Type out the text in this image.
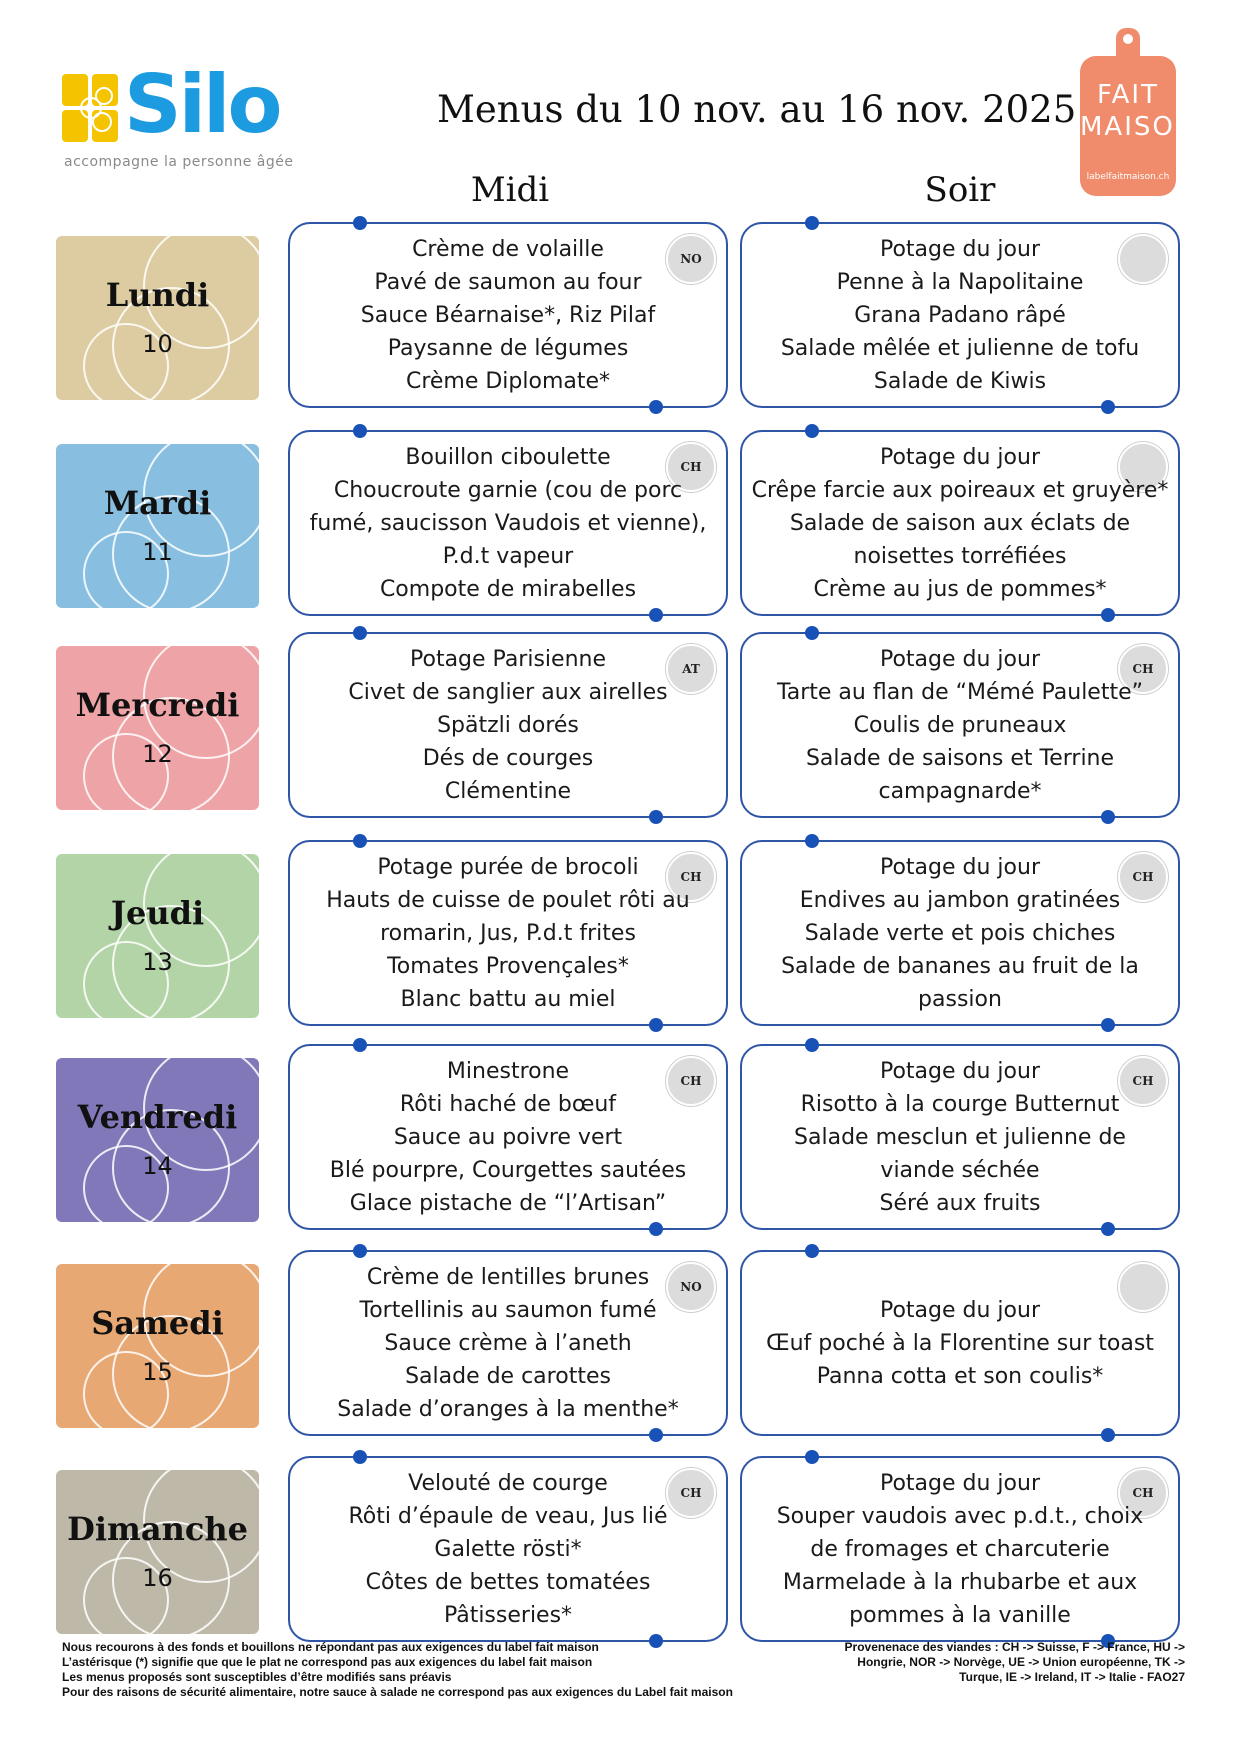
Silo
accompagne la personne âgée
Menus du 10 nov. au 16 nov. 2025 FAIT
MAISON
labelfaitmaison.ch
Midi	Soir
Lundi
10
NO
Crème de volaille
Pavé de saumon au four
Sauce Béarnaise*, Riz Pilaf
Paysanne de légumes
Crème Diplomate*
Potage du jour
Penne à la Napolitaine
Grana Padano râpé
Salade mêlée et julienne de tofu
Salade de Kiwis
Mardi
11
CH
Bouillon ciboulette
Choucroute garnie (cou de porc
fumé, saucisson Vaudois et vienne),
P.d.t vapeur
Compote de mirabelles
Potage du jour
Crêpe farcie aux poireaux et gruyère*
Salade de saison aux éclats de
noisettes torréfiées
Crème au jus de pommes*
Mercredi
12
AT
Potage Parisienne
Civet de sanglier aux airelles
Spätzli dorés
Dés de courges
Clémentine
CH
Potage du jour
Tarte au flan de “Mémé Paulette”
Coulis de pruneaux
Salade de saisons et Terrine
campagnarde*
Jeudi
13
CH
Potage purée de brocoli
Hauts de cuisse de poulet rôti au
romarin, Jus, P.d.t frites
Tomates Provençales*
Blanc battu au miel
CH
Potage du jour
Endives au jambon gratinées
Salade verte et pois chiches
Salade de bananes au fruit de la
passion
Vendredi
14
CH
Minestrone
Rôti haché de bœuf
Sauce au poivre vert
Blé pourpre, Courgettes sautées
Glace pistache de “l’Artisan”
CH
Potage du jour
Risotto à la courge Butternut
Salade mesclun et julienne de
viande séchée
Séré aux fruits
Samedi
15
NO
Crème de lentilles brunes
Tortellinis au saumon fumé
Sauce crème à l’aneth
Salade de carottes
Salade d’oranges à la menthe*
Potage du jour
Œuf poché à la Florentine sur toast
Panna cotta et son coulis*
Dimanche
16
CH
Velouté de courge
Rôti d’épaule de veau, Jus lié
Galette rösti*
Côtes de bettes tomatées
Pâtisseries*
CH
Potage du jour
Souper vaudois avec p.d.t., choix
de fromages et charcuterie
Marmelade à la rhubarbe et aux
pommes à la vanille
Nous recourons à des fonds et bouillons ne répondant pas aux exigences du label fait maison
L’astérisque (*) signifie que que le plat ne correspond pas aux exigences du label fait maison
Les menus proposés sont susceptibles d’être modifiés sans préavis
Pour des raisons de sécurité alimentaire, notre sauce à salade ne correspond pas aux exigences du Label fait maison
Provenenace des viandes : CH -> Suisse, F -> France, HU ->
Hongrie, NOR -> Norvège, UE -> Union européenne, TK ->
Turque, IE -> Ireland, IT -> Italie - FAO27
